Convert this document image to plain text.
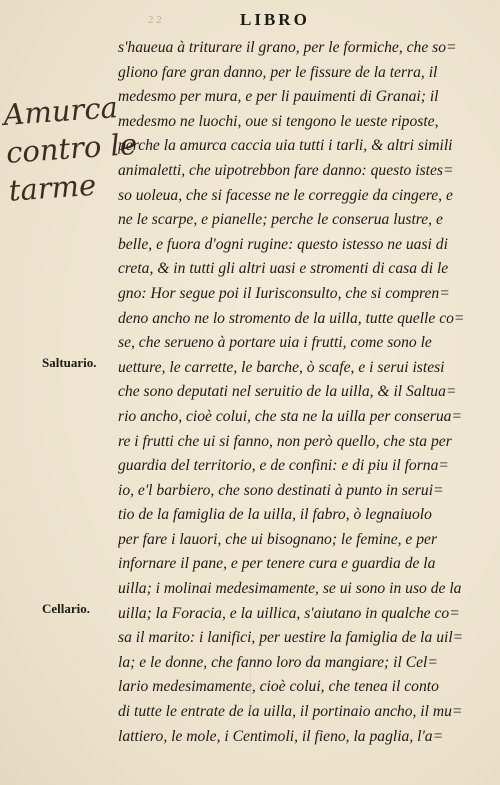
2 2	LIBRO
Amurca
contro le
tarme
Saltuario.
Cellario.
s'haueua à triturare il grano, per le formiche, che so=
gliono fare gran danno, per le fissure de la terra, il
medesmo per mura, e per li pauimenti di Granai; il
medesmo ne luochi, oue si tengono le ueste riposte,
perche la amurca caccia uia tutti i tarli, & altri simili
animaletti, che uipotrebbon fare danno: questo istes=
so uoleua, che si facesse ne le correggie da cingere, e
ne le scarpe, e pianelle; perche le conserua lustre, e
belle, e fuora d'ogni rugine: questo istesso ne uasi di
creta, & in tutti gli altri uasi e stromenti di casa di le
gno: Hor segue poi il Iurisconsulto, che si compren=
deno ancho ne lo stromento de la uilla, tutte quelle co=
se, che serueno à portare uia i frutti, come sono le
uetture, le carrette, le barche, ò scafe, e i serui istesi
che sono deputati nel seruitio de la uilla, & il Saltua=
rio ancho, cioè colui, che sta ne la uilla per conserua=
re i frutti che ui si fanno, non però quello, che sta per
guardia del territorio, e de confini: e di piu il forna=
io, e'l barbiero, che sono destinati à punto in serui=
tio de la famiglia de la uilla, il fabro, ò legnaiuolo
per fare i lauori, che ui bisognano; le femine, e per
infornare il pane, e per tenere cura e guardia de la
uilla; i molinai medesimamente, se ui sono in uso de la
uilla; la Foracia, e la uillica, s'aiutano in qualche co=
sa il marito: i lanifici, per uestire la famiglia de la uil=
la; e le donne, che fanno loro da mangiare; il Cel=
lario medesimamente, cioè colui, che tenea il conto
di tutte le entrate de la uilla, il portinaio ancho, il mu=
lattiero, le mole, i Centimoli, il fieno, la paglia, l'a=
